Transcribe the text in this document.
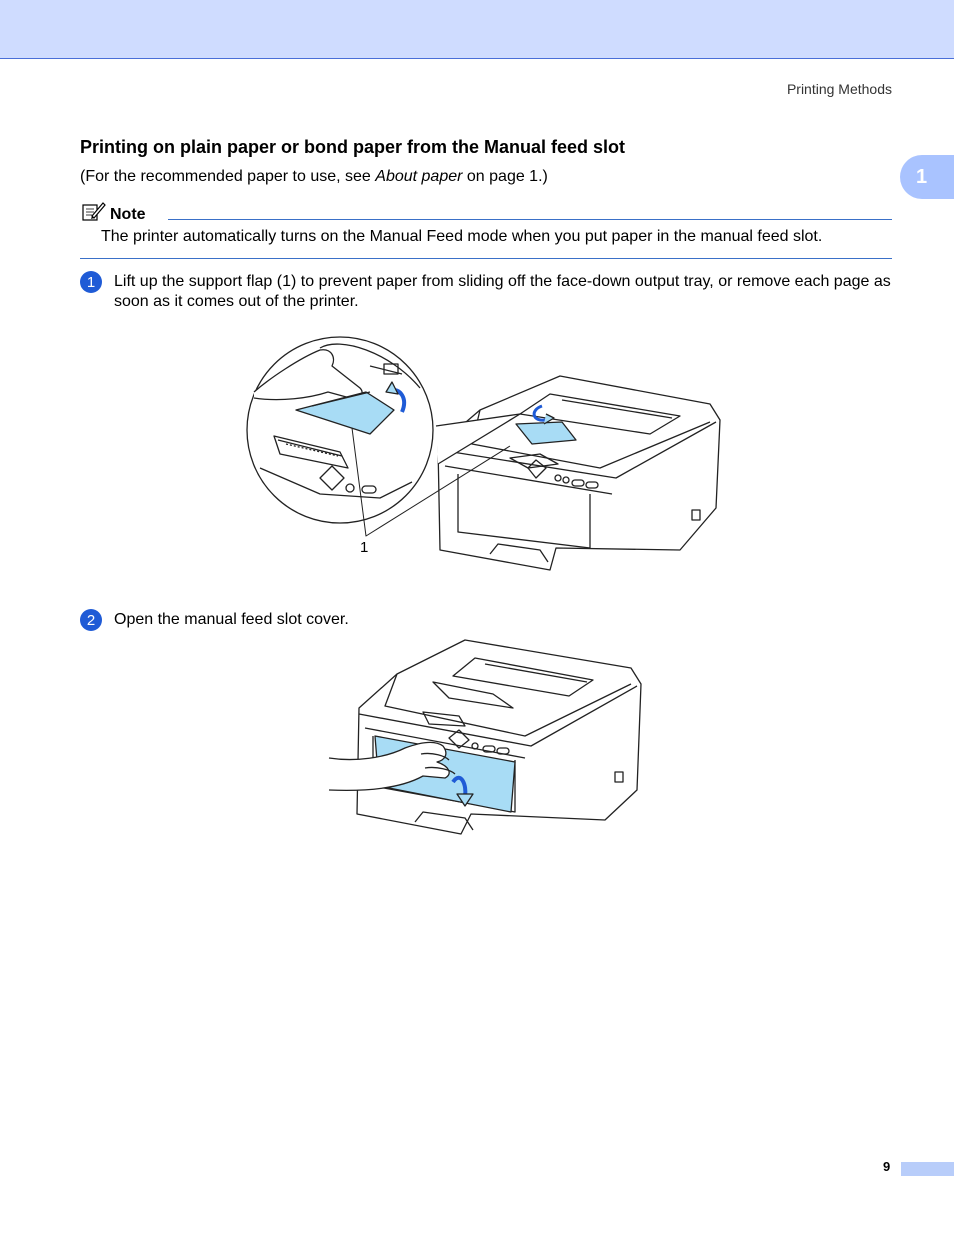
Printing Methods
1
Printing on plain paper or bond paper from the Manual feed slot
(For the recommended paper to use, see About paper on page 1.)
Note
The printer automatically turns on the Manual Feed mode when you put paper in the manual feed slot.
1	Lift up the support flap (1) to prevent paper from sliding off the face-down output tray, or remove each page as soon as it comes out of the printer.
1
2	Open the manual feed slot cover.
9
